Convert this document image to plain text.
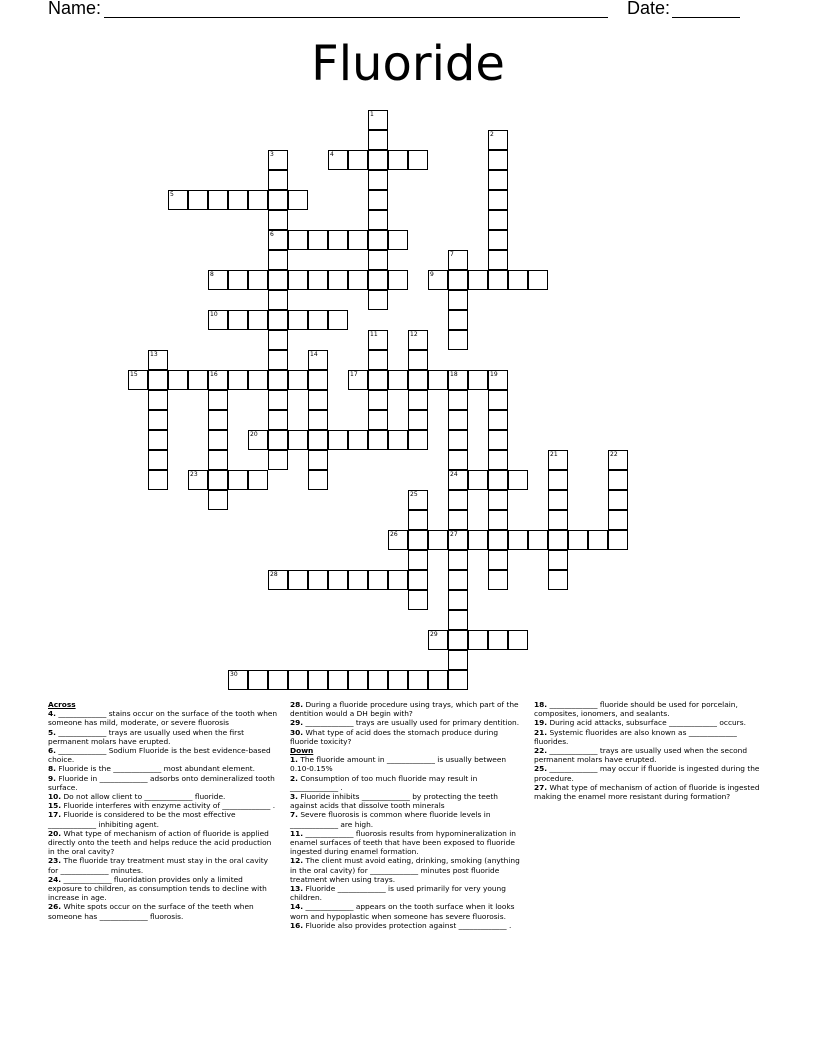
Name:	Date:
Fluoride
4
5
6
8	9
10
15	16	17	18	19
20
23	24
26	27
28
29
30
1
2
3
7
11	12
13	14
21	22
25
Across
4. _____________ stains occur on the surface of the tooth when someone has mild, moderate, or severe fluorosis
5. _____________ trays are usually used when the first permanent molars have erupted.
6. _____________ Sodium Fluoride is the best evidence-based choice.
8. Fluoride is the _____________ most abundant element.
9. Fluoride in _____________ adsorbs onto demineralized tooth surface.
10. Do not allow client to _____________ fluoride.
15. Fluoride interferes with enzyme activity of _____________ .
17. Fluoride is considered to be the most effective _____________ inhibiting agent.
20. What type of mechanism of action of fluoride is applied directly onto the teeth and helps reduce the acid production in the oral cavity?
23. The fluoride tray treatment must stay in the oral cavity for _____________ minutes.
24. _____________ fluoridation provides only a limited exposure to children, as consumption tends to decline with increase in age.
26. White spots occur on the surface of the teeth when someone has _____________ fluorosis.
28. During a fluoride procedure using trays, which part of the dentition would a DH begin with?
29. _____________ trays are usually used for primary dentition.
30. What type of acid does the stomach produce during fluoride toxicity?
Down
1. The fluoride amount in _____________ is usually between 0.10-0.15%
2. Consumption of too much fluoride may result in _____________ .
3. Fluoride inhibits _____________ by protecting the teeth against acids that dissolve tooth minerals
7. Severe fluorosis is common where fluoride levels in _____________ are high.
11. _____________ fluorosis results from hypomineralization in enamel surfaces of teeth that have been exposed to fluoride ingested during enamel formation.
12. The client must avoid eating, drinking, smoking (anything in the oral cavity) for _____________ minutes post fluoride treatment when using trays.
13. Fluoride _____________ is used primarily for very young children.
14. _____________ appears on the tooth surface when it looks worn and hypoplastic when someone has severe fluorosis.
16. Fluoride also provides protection against _____________ .
18. _____________ fluoride should be used for porcelain, composites, ionomers, and sealants.
19. During acid attacks, subsurface _____________ occurs.
21. Systemic fluorides are also known as _____________ fluorides.
22. _____________ trays are usually used when the second permanent molars have erupted.
25. _____________ may occur if fluoride is ingested during the procedure.
27. What type of mechanism of action of fluoride is ingested making the enamel more resistant during formation?
